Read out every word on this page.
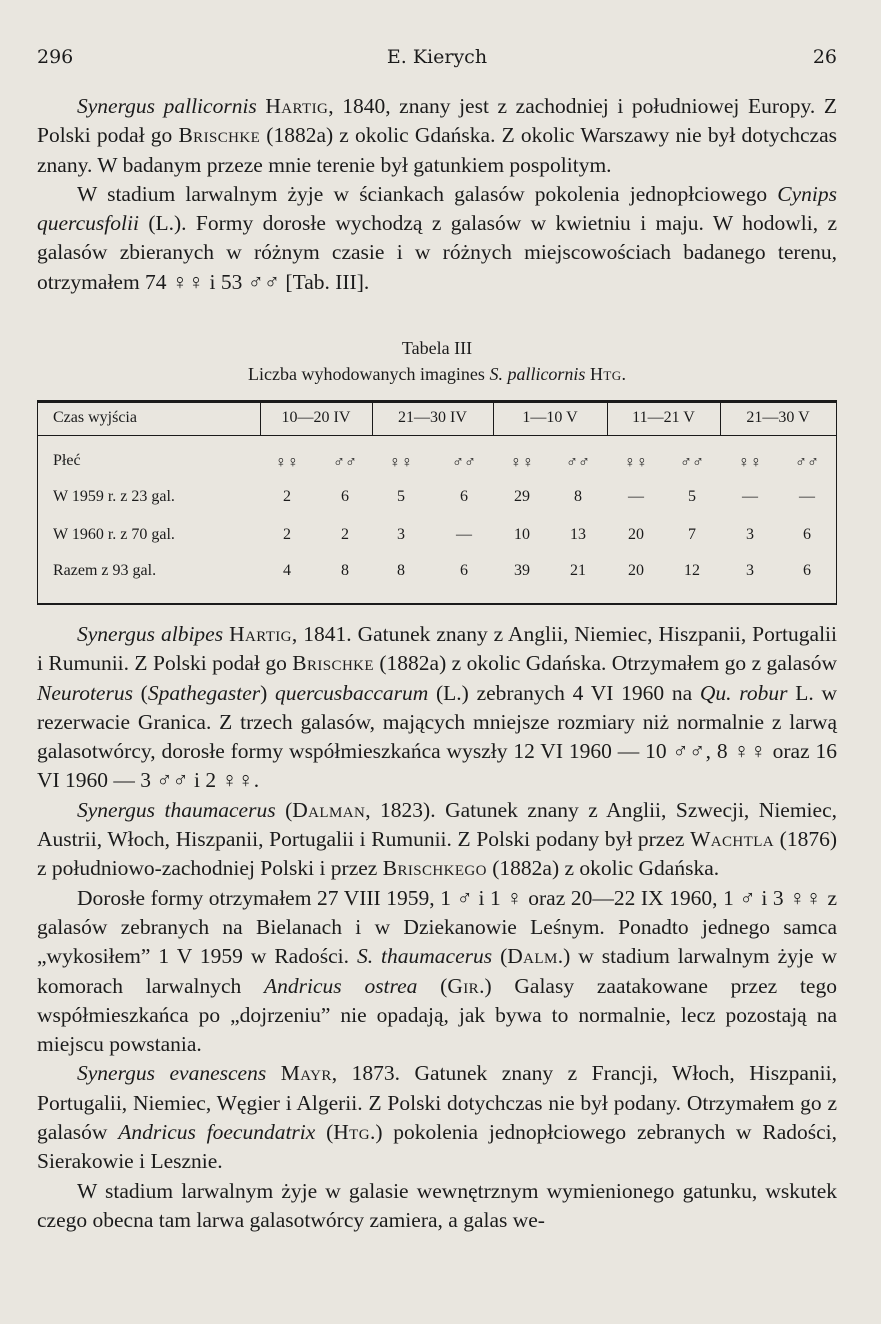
296	E. Kierych	26

Synergus pallicornis Hartig, 1840, znany jest z zachodniej i południowej Europy. Z Polski podał go Brischke (1882a) z okolic Gdańska. Z okolic Warszawy nie był dotychczas znany. W badanym przeze mnie terenie był gatunkiem pospolitym.

W stadium larwalnym żyje w ściankach galasów pokolenia jednopłciowego Cynips quercusfolii (L.). Formy dorosłe wychodzą z galasów w kwietniu i maju. W hodowli, z galasów zbieranych w różnym czasie i w różnych miejscowościach badanego terenu, otrzymałem 74 ♀♀ i 53 ♂♂ [Tab. III].

Tabela III
Liczba wyhodowanych imagines S. pallicornis Htg.
Czas wyjścia	10—20 IV	21—30 IV	1—10 V	11—21 V	21—30 V
Płeć	♀♀	♂♂	♀♀	♂♂	♀♀	♂♂	♀♀	♂♂	♀♀	♂♂
W 1959 r. z 23 gal.	2	6	5	6	29	8	—	5	—	—
W 1960 r. z 70 gal.	2	2	3	—	10	13	20	7	3	6
Razem z 93 gal.	4	8	8	6	39	21	20	12	3	6

Synergus albipes Hartig, 1841. Gatunek znany z Anglii, Niemiec, Hiszpanii, Portugalii i Rumunii. Z Polski podał go Brischke (1882a) z okolic Gdańska. Otrzymałem go z galasów Neuroterus (Spathegaster) quercusbaccarum (L.) zebranych 4 VI 1960 na Qu. robur L. w rezerwacie Granica. Z trzech galasów, mających mniejsze rozmiary niż normalnie z larwą galasotwórcy, dorosłe formy współmieszkańca wyszły 12 VI 1960 — 10 ♂♂, 8 ♀♀ oraz 16 VI 1960 — 3 ♂♂ i 2 ♀♀.

Synergus thaumacerus (Dalman, 1823). Gatunek znany z Anglii, Szwecji, Niemiec, Austrii, Włoch, Hiszpanii, Portugalii i Rumunii. Z Polski podany był przez Wachtla (1876) z południowo-zachodniej Polski i przez Brischkego (1882a) z okolic Gdańska.

Dorosłe formy otrzymałem 27 VIII 1959, 1 ♂ i 1 ♀ oraz 20—22 IX 1960, 1 ♂ i 3 ♀♀ z galasów zebranych na Bielanach i w Dziekanowie Leśnym. Ponadto jednego samca „wykosiłem” 1 V 1959 w Radości. S. thaumacerus (Dalm.) w stadium larwalnym żyje w komorach larwalnych Andricus ostrea (Gir.) Galasy zaatakowane przez tego współmieszkańca po „dojrzeniu” nie opadają, jak bywa to normalnie, lecz pozostają na miejscu powstania.

Synergus evanescens Mayr, 1873. Gatunek znany z Francji, Włoch, Hiszpanii, Portugalii, Niemiec, Węgier i Algerii. Z Polski dotychczas nie był podany. Otrzymałem go z galasów Andricus foecundatrix (Htg.) pokolenia jednopłciowego zebranych w Radości, Sierakowie i Lesznie.

W stadium larwalnym żyje w galasie wewnętrznym wymienionego gatunku, wskutek czego obecna tam larwa galasotwórcy zamiera, a galas we-
